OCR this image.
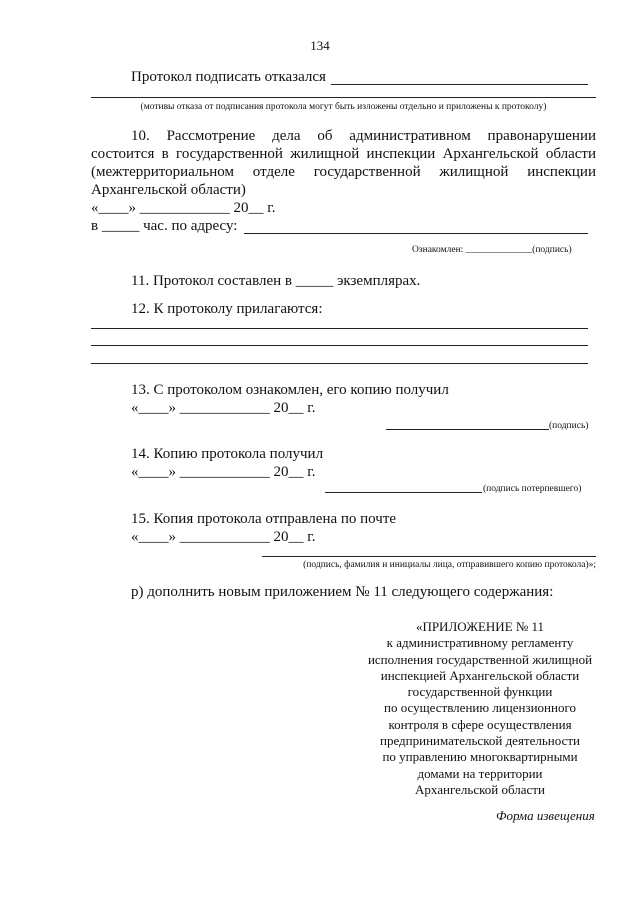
134
Протокол подписать отказался
(мотивы отказа от подписания протокола могут быть изложены отдельно и приложены к протоколу)
10. Рассмотрение дела об административном правонарушении
состоится в государственной жилищной инспекции Архангельской области
(межтерриториальном отделе государственной жилищной инспекции
Архангельской области)
«____» ____________ 20__ г.
в _____ час. по адресу:
Ознакомлен: ______________(подпись)
11. Протокол составлен в _____ экземплярах.
12. К протоколу прилагаются:
13. С протоколом ознакомлен, его копию получил
«____» ____________ 20__ г.
(подпись)
14. Копию протокола получил
«____» ____________ 20__ г.
(подпись потерпевшего)
15. Копия протокола отправлена по почте
«____» ____________ 20__ г.
(подпись, фамилия и инициалы лица, отправившего копию протокола)»;
р) дополнить новым приложением № 11 следующего содержания:
«ПРИЛОЖЕНИЕ № 11
к административному регламенту
исполнения государственной жилищной
инспекцией Архангельской области
государственной функции
по осуществлению лицензионного
контроля в сфере осуществления
предпринимательской деятельности
по управлению многоквартирными
домами на территории
Архангельской области
Форма извещения
